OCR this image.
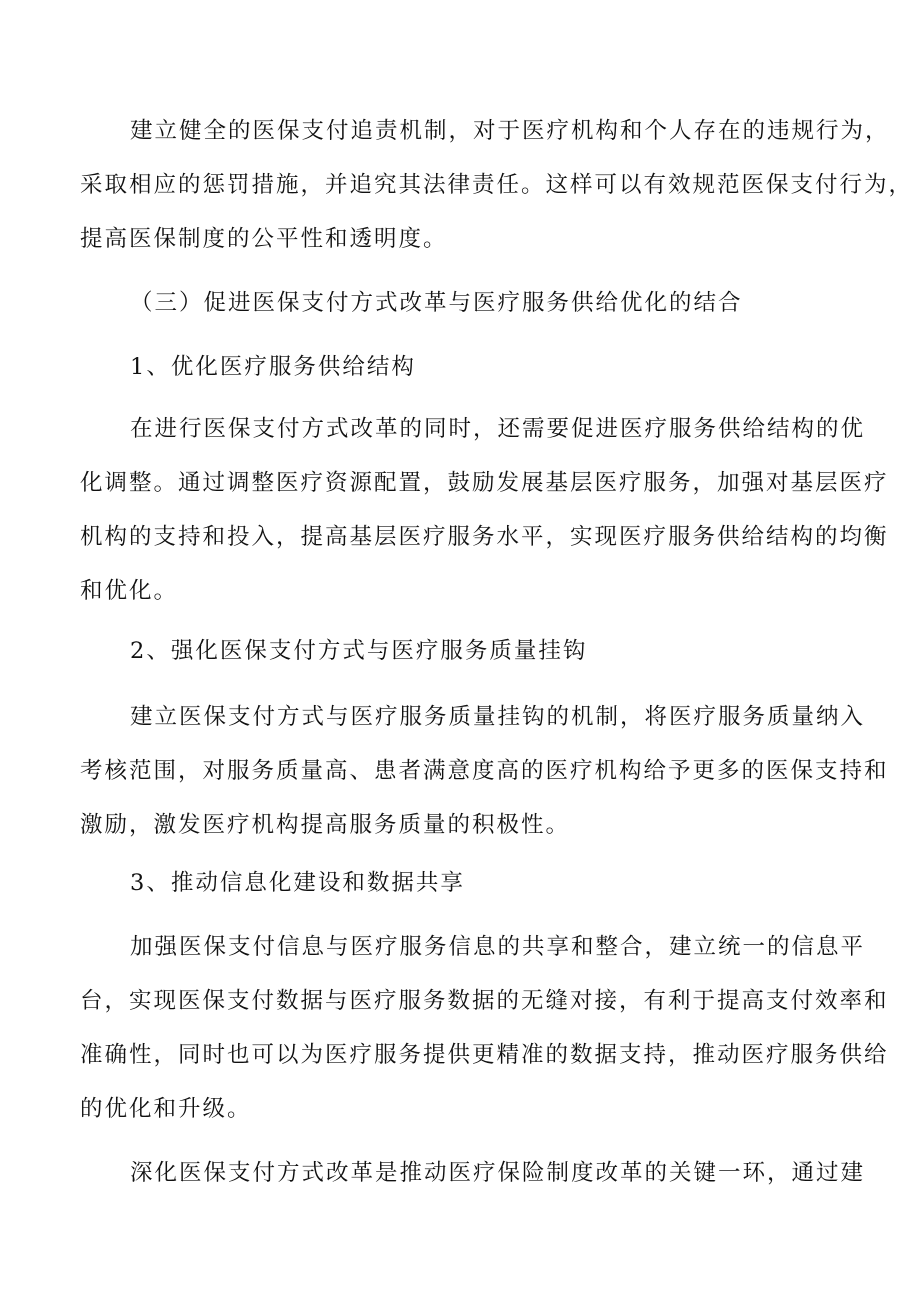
建立健全的医保支付追责机制，对于医疗机构和个人存在的违规行为，
采取相应的惩罚措施，并追究其法律责任。这样可以有效规范医保支付行为，
提高医保制度的公平性和透明度。
（三）促进医保支付方式改革与医疗服务供给优化的结合
1、优化医疗服务供给结构
在进行医保支付方式改革的同时，还需要促进医疗服务供给结构的优
化调整。通过调整医疗资源配置，鼓励发展基层医疗服务，加强对基层医疗
机构的支持和投入，提高基层医疗服务水平，实现医疗服务供给结构的均衡
和优化。
2、强化医保支付方式与医疗服务质量挂钩
建立医保支付方式与医疗服务质量挂钩的机制，将医疗服务质量纳入
考核范围，对服务质量高、患者满意度高的医疗机构给予更多的医保支持和
激励，激发医疗机构提高服务质量的积极性。
3、推动信息化建设和数据共享
加强医保支付信息与医疗服务信息的共享和整合，建立统一的信息平
台，实现医保支付数据与医疗服务数据的无缝对接，有利于提高支付效率和
准确性，同时也可以为医疗服务提供更精准的数据支持，推动医疗服务供给
的优化和升级。
深化医保支付方式改革是推动医疗保险制度改革的关键一环，通过建
